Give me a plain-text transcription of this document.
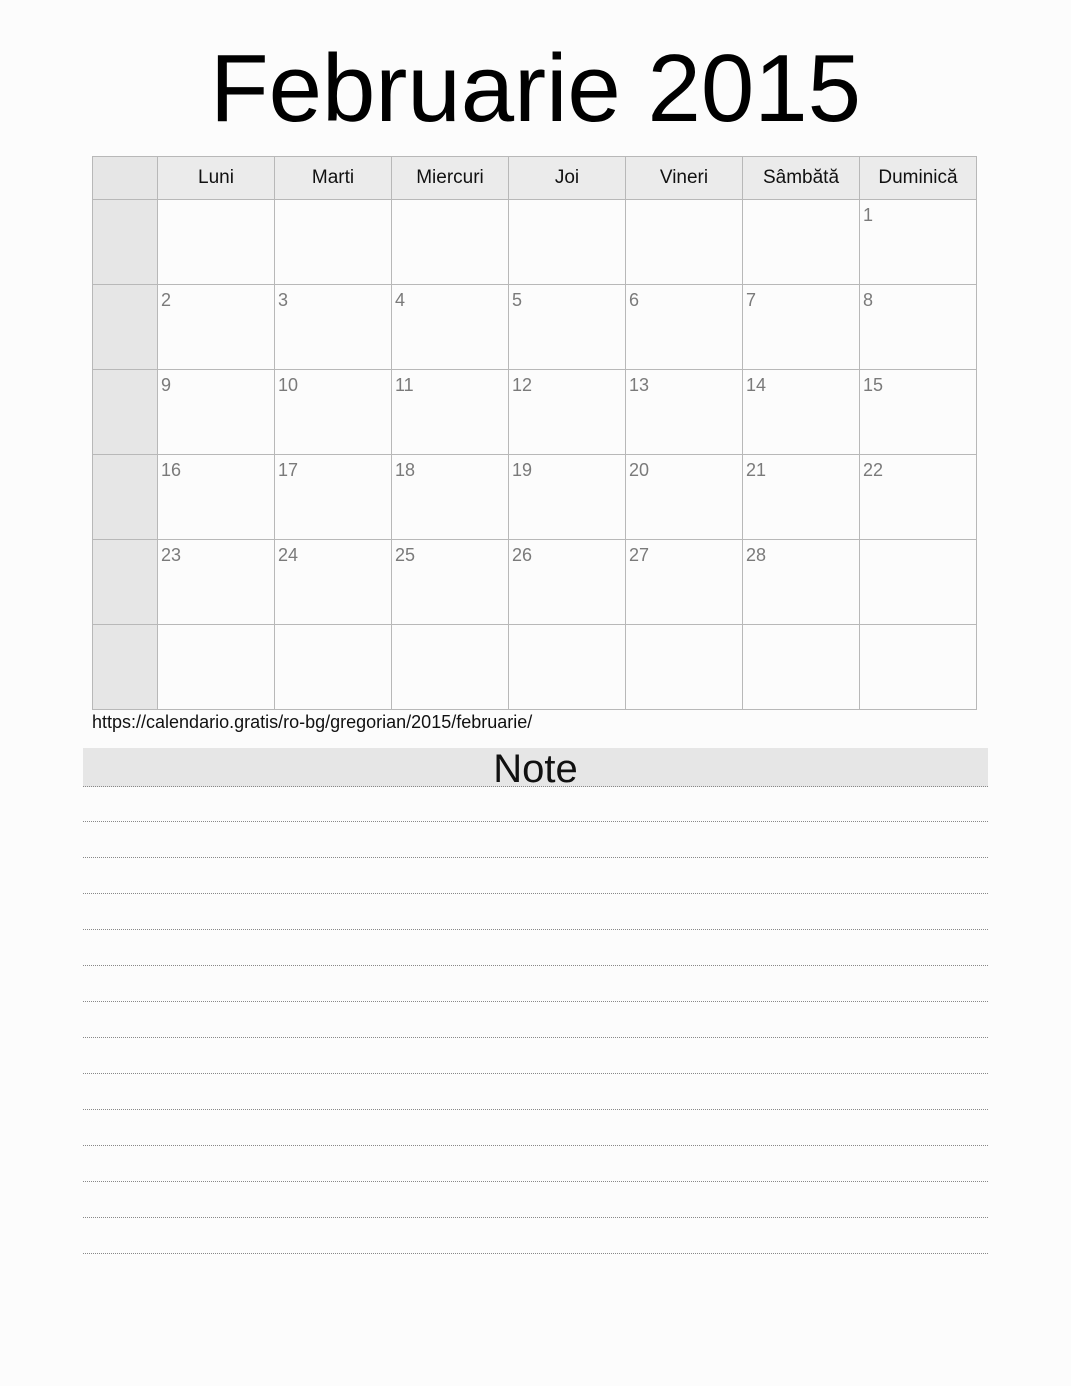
Februarie 2015
	Luni	Marti	Miercuri	Joi	Vineri	Sâmbătă	Duminică

							1

	2	3	4	5	6	7	8

	9	10	11	12	13	14	15

	16	17	18	19	20	21	22

	23	24	25	26	27	28	

https://calendario.gratis/ro-bg/gregorian/2015/februarie/
Note
